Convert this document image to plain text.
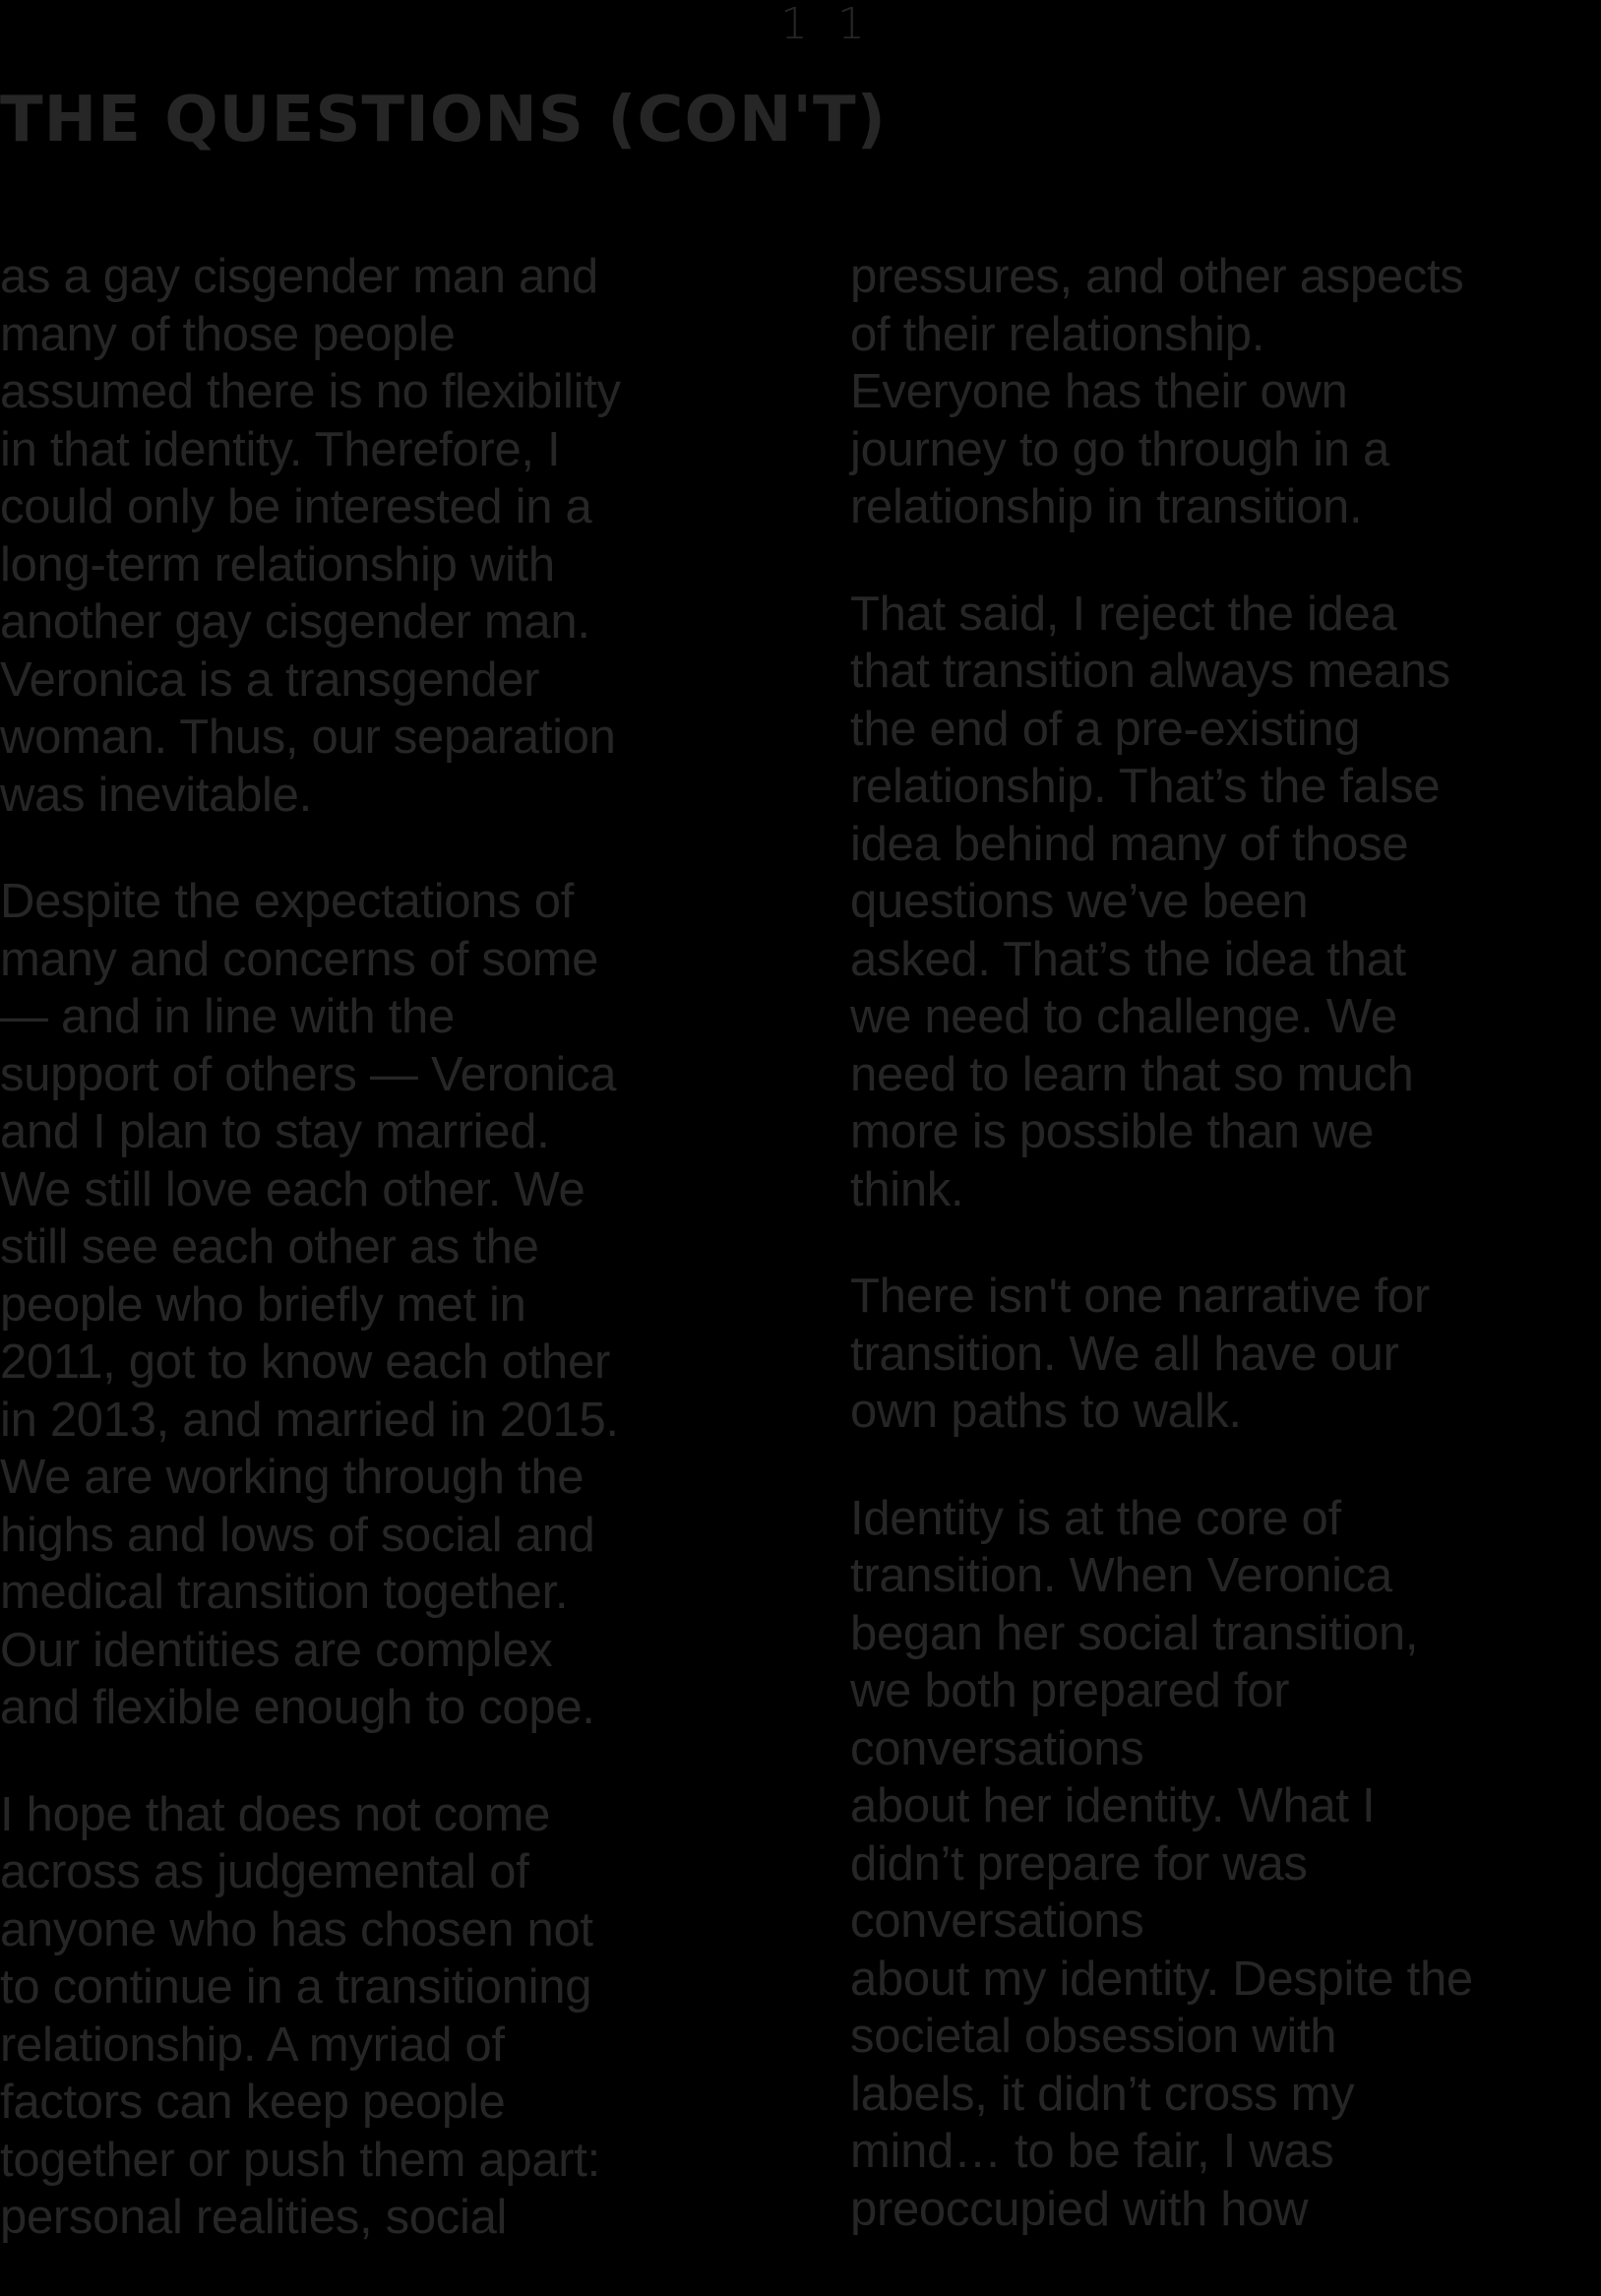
1 1
THE QUESTIONS (CON'T)
as a gay cisgender man and
many of those people
assumed there is no flexibility
in that identity. Therefore, I
could only be interested in a
long-term relationship with
another gay cisgender man.
Veronica is a transgender
woman. Thus, our separation
was inevitable.
Despite the expectations of
many and concerns of some
— and in line with the
support of others — Veronica
and I plan to stay married.
We still love each other. We
still see each other as the
people who briefly met in
2011, got to know each other
in 2013, and married in 2015.
We are working through the
highs and lows of social and
medical transition together.
Our identities are complex
and flexible enough to cope.
I hope that does not come
across as judgemental of
anyone who has chosen not
to continue in a transitioning
relationship. A myriad of
factors can keep people
together or push them apart:
personal realities, social
pressures, and other aspects
of their relationship.
Everyone has their own
journey to go through in a
relationship in transition.
That said, I reject the idea
that transition always means
the end of a pre-existing
relationship. That’s the false
idea behind many of those
questions we’ve been
asked. That’s the idea that
we need to challenge. We
need to learn that so much
more is possible than we
think.
There isn't one narrative for
transition. We all have our
own paths to walk.
Identity is at the core of
transition. When Veronica
began her social transition,
we both prepared for
conversations
about her identity. What I
didn’t prepare for was
conversations
about my identity. Despite the
societal obsession with
labels, it didn’t cross my
mind… to be fair, I was
preoccupied with how
